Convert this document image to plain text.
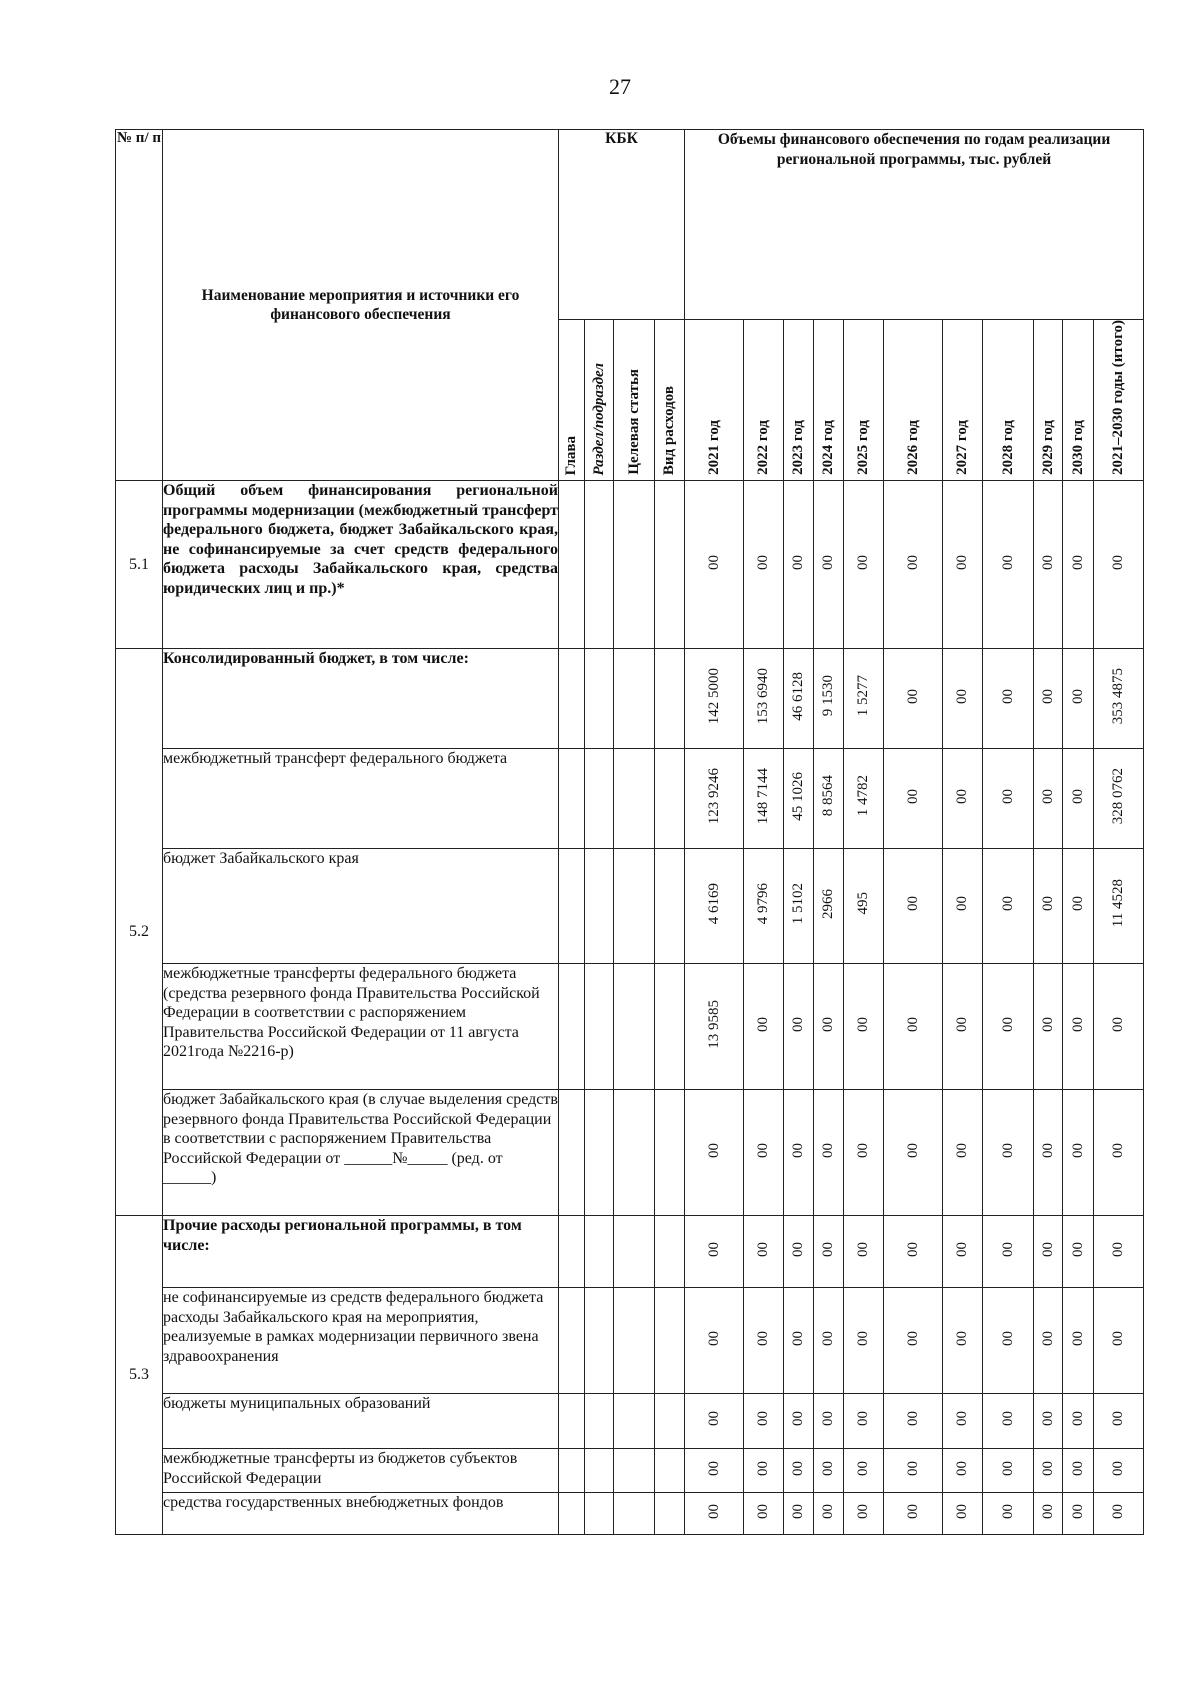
27
№ п/ п	Наименование мероприятия и источники его финансового обеспечения	КБК				Объемы финансового обеспечения по годам реализации региональной программы, тыс. рублей										
		Глава	Раздел/подраздел	Целевая статья	Вид расходов	2021 год	2022 год	2023 год	2024 год	2025 год	2026 год	2027 год	2028 год	2029 год	2030 год	2021–2030 годы (итого)
5.1	Общий объем финансирования региональной программы модернизации (межбюджетный трансферт федерального бюджета, бюджет Забайкальского края, не софинансируемые за счет средств федерального бюджета расходы Забайкальского края, средства юридических лиц и пр.)*					00	00	00	00	00	00	00	00	00	00	00
5.2	Консолидированный бюджет, в том числе:					142 5000	153 6940	46 6128	9 1530	1 5277	00	00	00	00	00	353 4875
	межбюджетный трансферт федерального бюджета					123 9246	148 7144	45 1026	8 8564	1 4782	00	00	00	00	00	328 0762
	бюджет Забайкальского края					4 6169	4 9796	1 5102	2966	495	00	00	00	00	00	11 4528
	межбюджетные трансферты федерального бюджета (средства резервного фонда Правительства Российской Федерации в соответствии с распоряжением Правительства Российской Федерации от 11 августа 2021года №2216-р)					13 9585	00	00	00	00	00	00	00	00	00	00
	бюджет Забайкальского края (в случае выделения средств резервного фонда Правительства Российской Федерации в соответствии с распоряжением Правительства Российской Федерации от ______№_____ (ред. от ______)					00	00	00	00	00	00	00	00	00	00	00
5.3	Прочие расходы региональной программы, в том числе:					00	00	00	00	00	00	00	00	00	00	00
	не софинансируемые из средств федерального бюджета расходы Забайкальского края на мероприятия, реализуемые в рамках модернизации первичного звена здравоохранения					00	00	00	00	00	00	00	00	00	00	00
	бюджеты муниципальных образований					00	00	00	00	00	00	00	00	00	00	00
	межбюджетные трансферты из бюджетов субъектов Российской Федерации					00	00	00	00	00	00	00	00	00	00	00
	средства государственных внебюджетных фондов					00	00	00	00	00	00	00	00	00	00	00
